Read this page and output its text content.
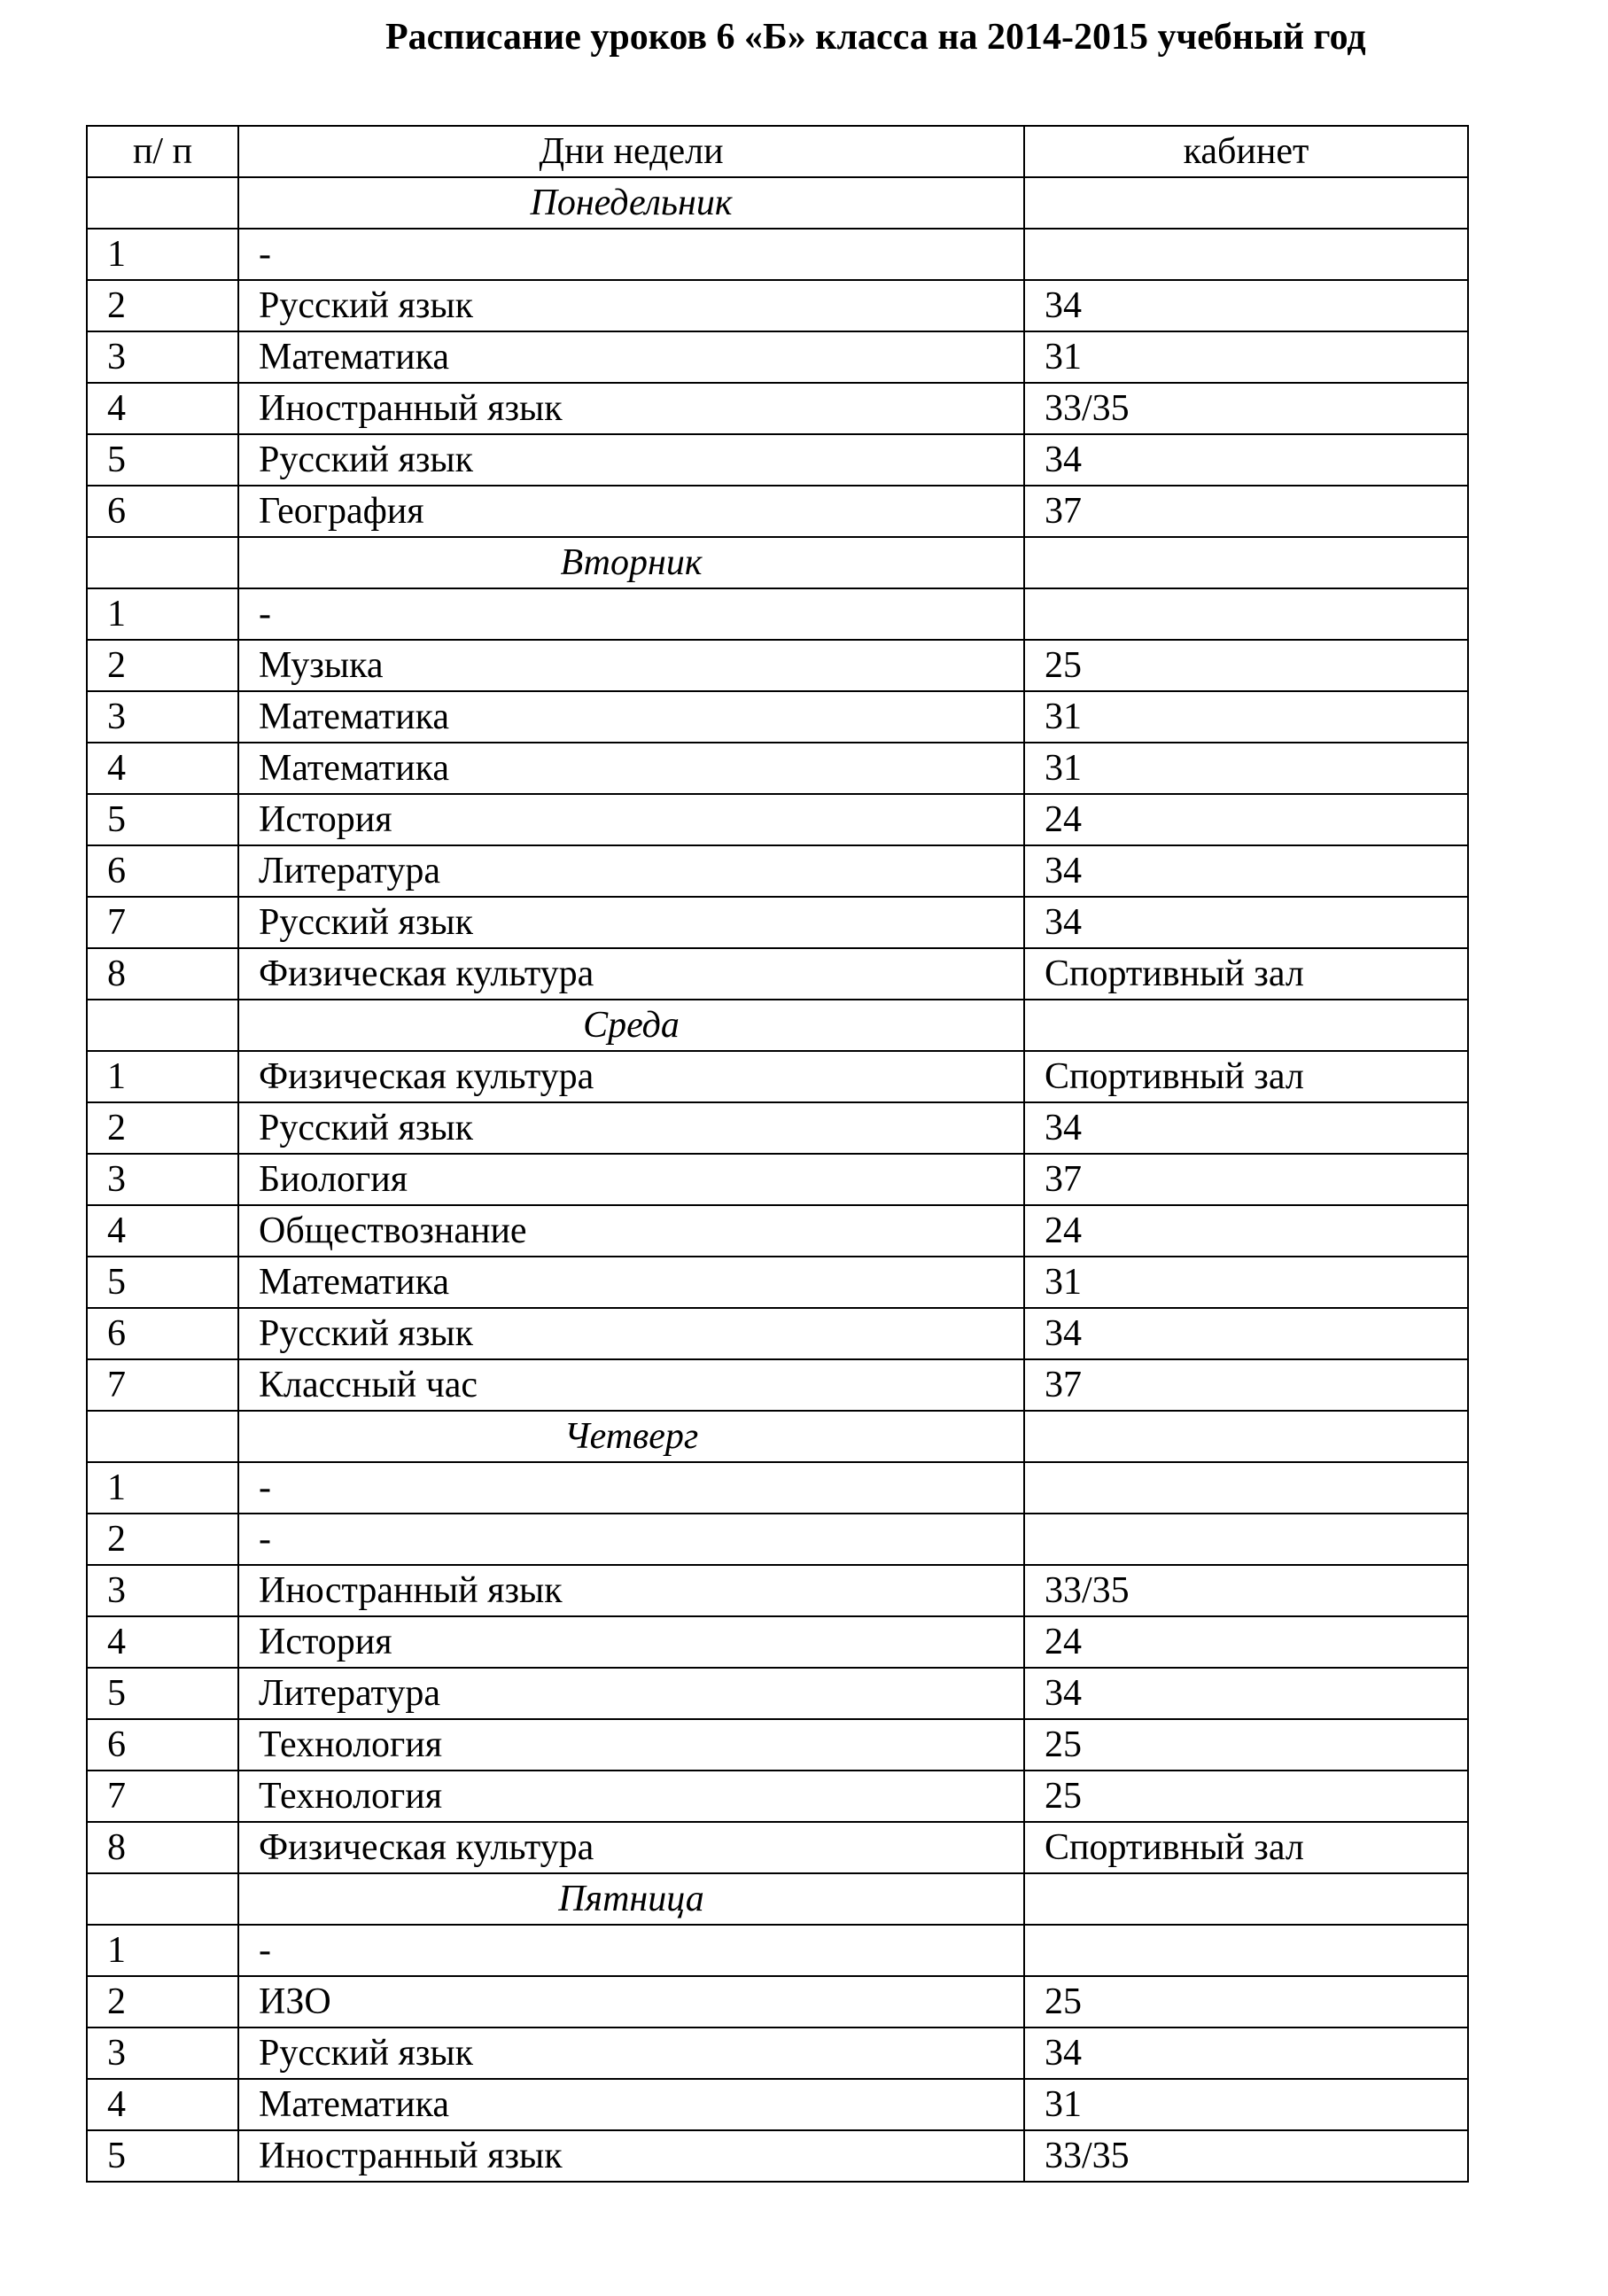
Расписание уроков 6 «Б» класса на 2014-2015 учебный год
п/ п	Дни недели	кабинет
	Понедельник	
1	-	
2	Русский язык	34
3	Математика	31
4	Иностранный язык	33/35
5	Русский язык	34
6	География	37
	Вторник	
1	-	
2	Музыка	25
3	Математика	31
4	Математика	31
5	История	24
6	Литература	34
7	Русский язык	34
8	Физическая культура	Спортивный зал
	Среда	
1	Физическая культура	Спортивный зал
2	Русский язык	34
3	Биология	37
4	Обществознание	24
5	Математика	31
6	Русский язык	34
7	Классный час	37
	Четверг	
1	-	
2	-	
3	Иностранный язык	33/35
4	История	24
5	Литература	34
6	Технология	25
7	Технология	25
8	Физическая культура	Спортивный зал
	Пятница	
1	-	
2	ИЗО	25
3	Русский язык	34
4	Математика	31
5	Иностранный язык	33/35
